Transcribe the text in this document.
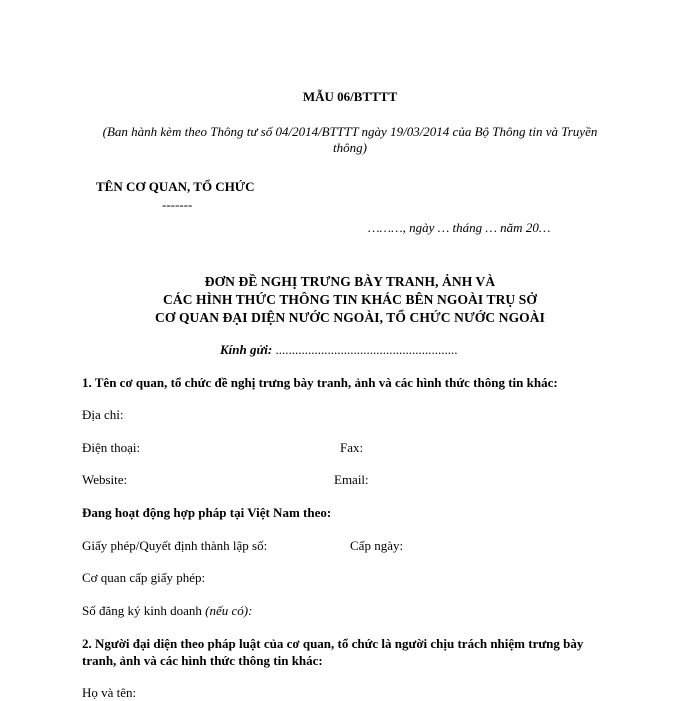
MẪU 06/BTTTT
(Ban hành kèm theo Thông tư số 04/2014/BTTTT ngày 19/03/2014 của Bộ Thông tin và Truyền
thông)
TÊN CƠ QUAN, TỔ CHỨC
-------
………, ngày … tháng … năm 20…
ĐƠN ĐỀ NGHỊ TRƯNG BÀY TRANH, ẢNH VÀ
CÁC HÌNH THỨC THÔNG TIN KHÁC BÊN NGOÀI TRỤ SỞ
CƠ QUAN ĐẠI DIỆN NƯỚC NGOÀI, TỔ CHỨC NƯỚC NGOÀI
Kính gửi: ........................................................
1. Tên cơ quan, tổ chức đề nghị trưng bày tranh, ảnh và các hình thức thông tin khác:
Địa chỉ:
Điện thoại:	Fax:
Website:	Email:
Đang hoạt động hợp pháp tại Việt Nam theo:
Giấy phép/Quyết định thành lập số:	Cấp ngày:
Cơ quan cấp giấy phép:
Số đăng ký kinh doanh (nếu có):
2. Người đại diện theo pháp luật của cơ quan, tổ chức là người chịu trách nhiệm trưng bày
tranh, ảnh và các hình thức thông tin khác:
Họ và tên:
